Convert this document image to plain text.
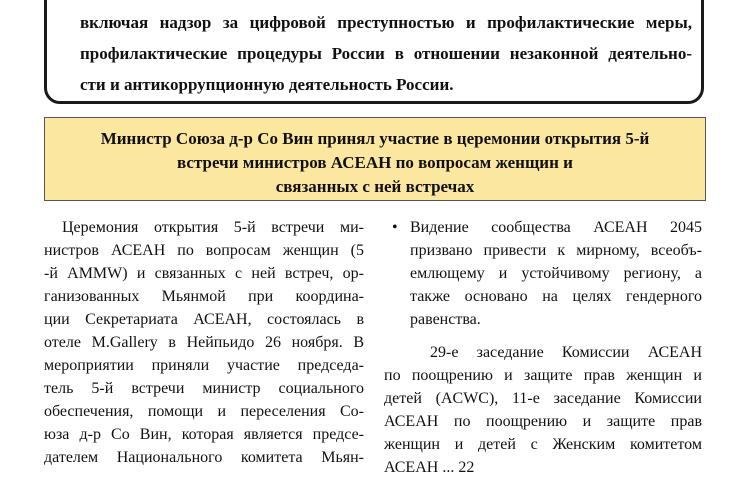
включая надзор за цифровой преступностью и профилактические меры,
профилактические процедуры России в отношении незаконной деятельно-
сти и антикоррупционную деятельность России.
Министр Союза д-р Со Вин принял участие в церемонии открытия 5-й
встречи министров АСЕАН по вопросам женщин и
связанных с ней встречах
Церемония открытия 5-й встречи ми-
нистров АСЕАН по вопросам женщин (5
-й AMMW) и связанных с ней встреч, ор-
ганизованных Мьянмой при координа-
ции Секретариата АСЕАН, состоялась в
отеле M.Gallery в Нейпьидо 26 ноября. В
мероприятии приняли участие председа-
тель 5-й встречи министр социального
обеспечения, помощи и переселения Со-
юза д-р Со Вин, которая является предсе-
дателем Национального комитета Мьян-
• Видение сообщества АСЕАН 2045
призвано привести к мирному, всеобъ-
емлющему и устойчивому региону, а
также основано на целях гендерного
равенства.
29-е заседание Комиссии АСЕАН
по поощрению и защите прав женщин и
детей (ACWC), 11-е заседание Комиссии
АСЕАН по поощрению и защите прав
женщин и детей с Женским комитетом
АСЕАН ... 22
